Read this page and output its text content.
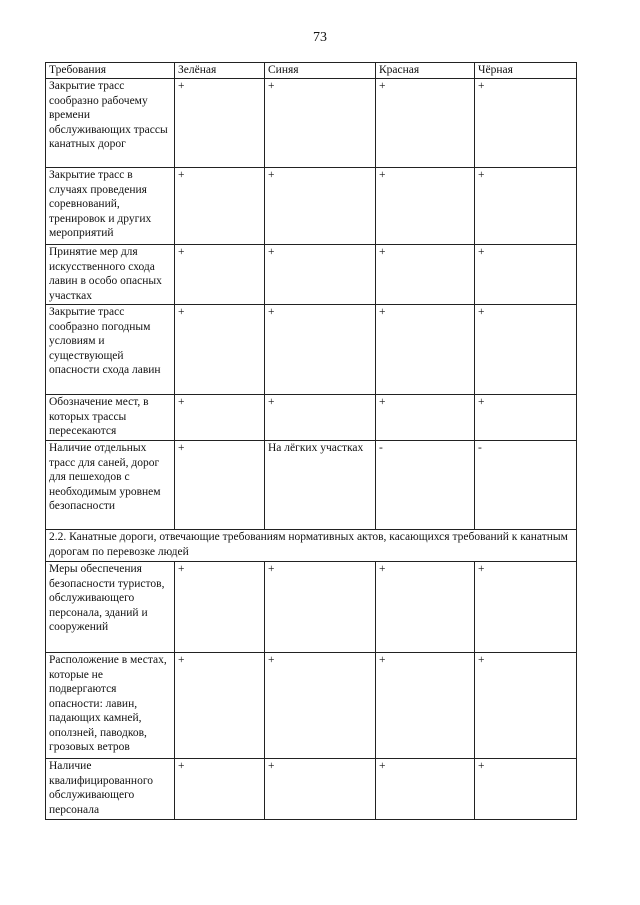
73
Требования	Зелёная	Синяя	Красная	Чёрная
Закрытие трасс сообразно рабочему времени обслуживающих трассы канатных дорог	+	+	+	+
Закрытие трасс в случаях проведения соревнований, тренировок и других мероприятий	+	+	+	+
Принятие мер для искусственного схода лавин в особо опасных участках	+	+	+	+
Закрытие трасс сообразно погодным условиям и существующей опасности схода лавин	+	+	+	+
Обозначение мест, в которых трассы пересекаются	+	+	+	+
Наличие отдельных трасс для саней, дорог для пешеходов с необходимым уровнем безопасности	+	На лёгких участках	-	-
2.2. Канатные дороги, отвечающие требованиям нормативных актов, касающихся требований к канатным дорогам по перевозке людей				
Меры обеспечения безопасности туристов, обслуживающего персонала, зданий и сооружений	+	+	+	+
Расположение в местах, которые не подвергаются опасности: лавин, падающих камней, оползней, паводков, грозовых ветров	+	+	+	+
Наличие квалифицированного обслуживающего персонала	+	+	+	+
